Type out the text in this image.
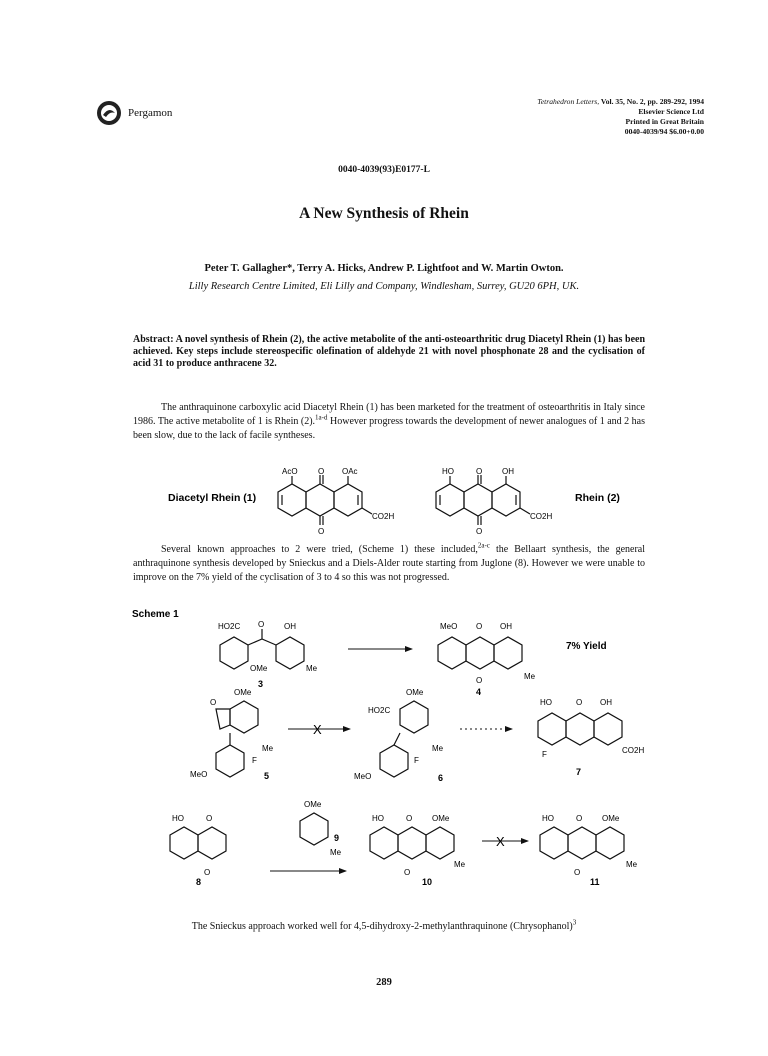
Pergamon
Tetrahedron Letters, Vol. 35, No. 2, pp. 289-292, 1994
Elsevier Science Ltd
Printed in Great Britain
0040-4039/94 $6.00+0.00
0040-4039(93)E0177-L
A New Synthesis of Rhein
Peter T. Gallagher*, Terry A. Hicks, Andrew P. Lightfoot and W. Martin Owton.
Lilly Research Centre Limited, Eli Lilly and Company, Windlesham, Surrey, GU20 6PH, UK.
Abstract: A novel synthesis of Rhein (2), the active metabolite of the anti-osteoarthritic drug Diacetyl Rhein (1) has been achieved. Key steps include stereospecific olefination of aldehyde 21 with novel phosphonate 28 and the cyclisation of acid 31 to produce anthracene 32.

The anthraquinone carboxylic acid Diacetyl Rhein (1) has been marketed for the treatment of osteoarthritis in Italy since 1986. The active metabolite of 1 is Rhein (2).$^{1a-d}$ However progress towards the development of newer analogues of 1 and 2 has been slow, due to the lack of facile syntheses.

Diacetyl Rhein (1)
AcO	O OAc
O
CO2H
HO	O OH
O
CO2H
Rhein (2)

Several known approaches to 2 were tried, (Scheme 1) these included,$^{2a-c}$ the Bellaart synthesis, the general anthraquinone synthesis developed by Snieckus and a Diels-Alder route starting from Juglone (8). However we were unable to improve on the 7% yield of the cyclisation of 3 to 4 so this was not progressed.

Scheme 1
HO2C O OH
OMe	Me
3
MeO O OH
Me
O
4
7% Yield
O
OMe
Me
F
MeO	5
X
HO2C
OMe
Me
F
MeO	6
HO	O OH
F	CO2H
7
HO	O
O
8
OMe
Me
9
HO	O OMe
Me
O
10
X
HO	O OMe
Me
O
11
The Snieckus approach worked well for 4,5-dihydroxy-2-methylanthraquinone (Chrysophanol)$^3$
289
